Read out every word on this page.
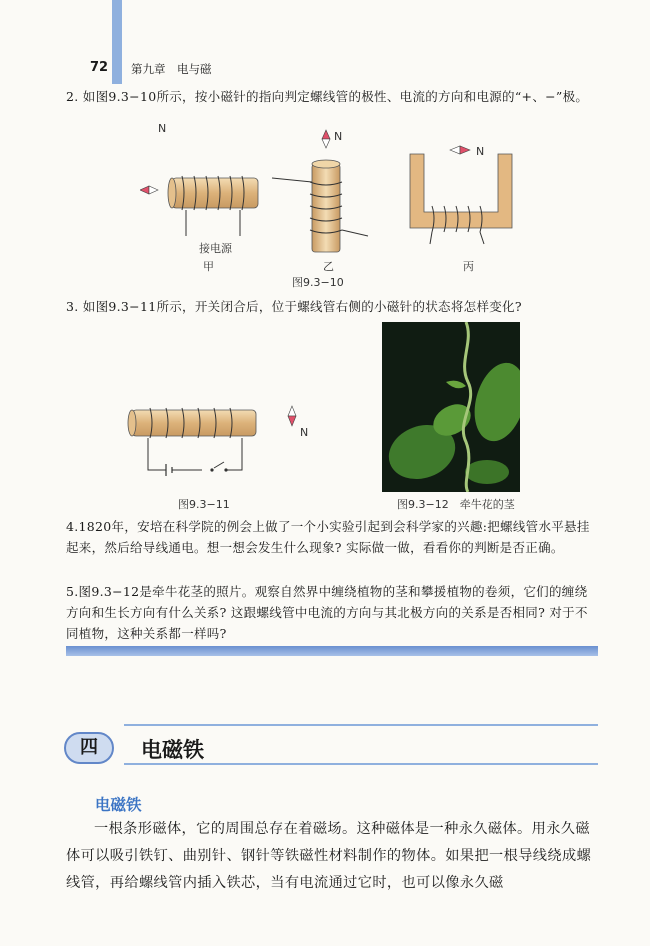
72 第九章　电与磁
2. 如图9.3−10所示，按小磁针的指向判定螺线管的极性、电流的方向和电源的“+、−”极。
N
N
N
接电源
甲	乙	丙
图9.3−10
3. 如图9.3−11所示，开关闭合后，位于螺线管右侧的小磁针的状态将怎样变化?
N
图9.3−11	图9.3−12　牵牛花的茎
4.1820年，安培在科学院的例会上做了一个小实验引起到会科学家的兴趣:把螺线管水平悬挂起来，然后给导线通电。想一想会发生什么现象? 实际做一做，看看你的判断是否正确。
5.图9.3−12是牵牛花茎的照片。观察自然界中缠绕植物的茎和攀援植物的卷须，它们的缠绕方向和生长方向有什么关系? 这跟螺线管中电流的方向与其北极方向的关系是否相同? 对于不同植物，这种关系都一样吗?
四	电磁铁
电磁铁
一根条形磁体，它的周围总存在着磁场。这种磁体是一种永久磁体。用永久磁体可以吸引铁钉、曲别针、钢针等铁磁性材料制作的物体。如果把一根导线绕成螺线管，再给螺线管内插入铁芯，当有电流通过它时，也可以像永久磁
